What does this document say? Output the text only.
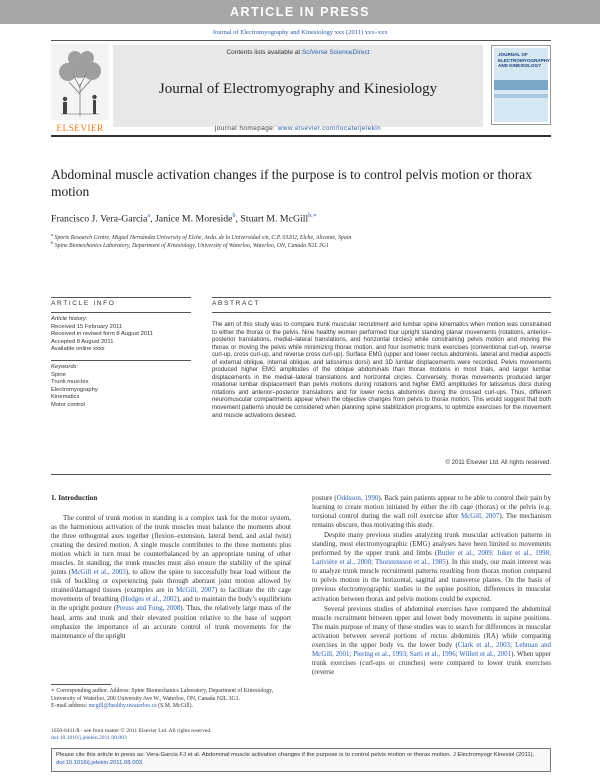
ARTICLE IN PRESS
Journal of Electromyography and Kinesiology xxx (2011) xxx–xxx
ELSEVIER
Contents lists available at SciVerse ScienceDirect
Journal of Electromyography and Kinesiology
journal homepage: www.elsevier.com/locate/jelekin
JOURNAL OF ELECTROMYOGRAPHY AND KINESIOLOGY
Abdominal muscle activation changes if the purpose is to control pelvis motion or thorax motion
Francisco J. Vera-Garcia$^a$, Janice M. Moreside$^b$, Stuart M. McGill$^{b,∗}$
$^a$ Sports Research Centre, Miguel Hernández University of Elche, Avda. de la Universidad s/n, C.P. 03202, Elche, Alicante, Spain
$^b$ Spine Biomechanics Laboratory, Department of Kinesiology, University of Waterloo, Waterloo, ON, Canada N2L 3G1
ARTICLE INFO	ABSTRACT
Article history:
Received 15 February 2011
Received in revised form 8 August 2011
Accepted 8 August 2011
Available online xxxx
Keywords:
Spine
Trunk muscles
Electromyography
Kinematics
Motor control
The aim of this study was to compare trunk muscular recruitment and lumbar spine kinematics when motion was constrained to either the thorax or the pelvis. Nine healthy women performed four upright standing planar movements (rotations, anterior–posterior translations, medial–lateral translations, and horizontal circles) while constraining pelvis motion and moving the thorax or moving the pelvis while minimizing thorax motion, and four isometric trunk exercises (conventional curl-up, reverse curl-up, cross curl-up, and reverse cross curl-up). Surface EMG (upper and lower rectus abdominis, lateral and medial aspects of external oblique, internal oblique, and latissimus dorsi) and 3D lumbar displacements were recorded. Pelvis movements produced higher EMG amplitudes of the oblique abdominals than thorax motions in most trials, and larger lumbar displacements in the medial–lateral translations and horizontal circles. Conversely, thorax movements produced larger rotational lumbar displacement than pelvis motions during rotations and higher EMG amplitudes for latissimus dorsi during rotations and anterior–posterior translations and for lower rectus abdominis during the crossed curl-ups. Thus, different neuromuscular compartments appear when the objective changes from pelvis to thorax motion. This would suggest that both movement patterns should be considered when planning spine stabilization programs, to optimize exercises for the movement and muscle activations desired.
© 2011 Elsevier Ltd. All rights reserved.
1. Introduction

The control of trunk motion in standing is a complex task for the motor system, as the harmonious activation of the trunk muscles must balance the moments about the three orthogonal axes together (flexion–extension, lateral bend, and axial twist) creating the desired motion. A single muscle contributes to the three moments plus motion which in turn must be counterbalanced by an appropriate tuning of other muscles. In standing, the trunk muscles must also ensure the stability of the spinal joints (McGill et al., 2003), to allow the spine to successfully bear load without the risk of buckling or experiencing pain through aberrant joint motion allowed by strained/damaged tissues (examples are in McGill, 2007) to facilitate the rib cage movements of breathing (Hodges et al., 2002), and to maintain the body’s equilibrium in the upright posture (Preuss and Fung, 2008). Thus, the relatively large mass of the head, arms and trunk and their elevated position relative to the base of support emphasize the importance of an accurate control of trunk movements for the maintenance of the upright

posture (Oddsson, 1990). Back pain patients appear to be able to control their pain by learning to create motion initiated by either the rib cage (thorax) or the pelvis (e.g. torsional control during the wall roll exercise after McGill, 2007). The mechanism remains obscure, thus motivating this study.

Despite many previous studies analyzing trunk muscular activation patterns in standing, most electromyographic (EMG) analyses have been limited to movements performed by the upper trunk and limbs (Butler et al., 2009; Juker et al., 1998; Larivière et al., 2000; Thorstensson et al., 1985). In this study, our main interest was to analyze trunk muscle recruitment patterns resulting from thorax motion compared to pelvis motion in the horizontal, sagittal and transverse planes. On the basis of previous electromyographic studies in the supine position, differences in muscular activation between thorax and pelvis motions could be expected.

Several previous studies of abdominal exercises have compared the abdominal muscle recruitment between upper and lower body movements in supine positions. The main purpose of many of these studies was to search for differences in muscular activation between several portions of rectus abdominis (RA) while comparing exercises in the upper body vs. the lower body (Clark et al., 2003; Lehman and McGill, 2001; Piering et al., 1993; Sarti et al., 1996; Willett et al., 2001). When upper trunk exercises (curl-ups or crunches) were compared to lower trunk exercises (reverse

∗ Corresponding author. Address: Spine Biomechanics Laboratory, Department of Kinesiology, University of Waterloo, 200 University Ave W., Waterloo, ON, Canada N2L 3G1.
E-mail address: mcgill@healthy.uwaterloo.ca (S.M. McGill).
1050-6411/$ - see front matter © 2011 Elsevier Ltd. All rights reserved.
doi:10.1016/j.jelekin.2011.08.003
Please cite this article in press as: Vera-Garcia FJ et al. Abdominal muscle activation changes if the purpose is to control pelvis motion or thorax motion. J Electromyogr Kinesiol (2011), doi:10.1016/j.jelekin.2011.08.003
